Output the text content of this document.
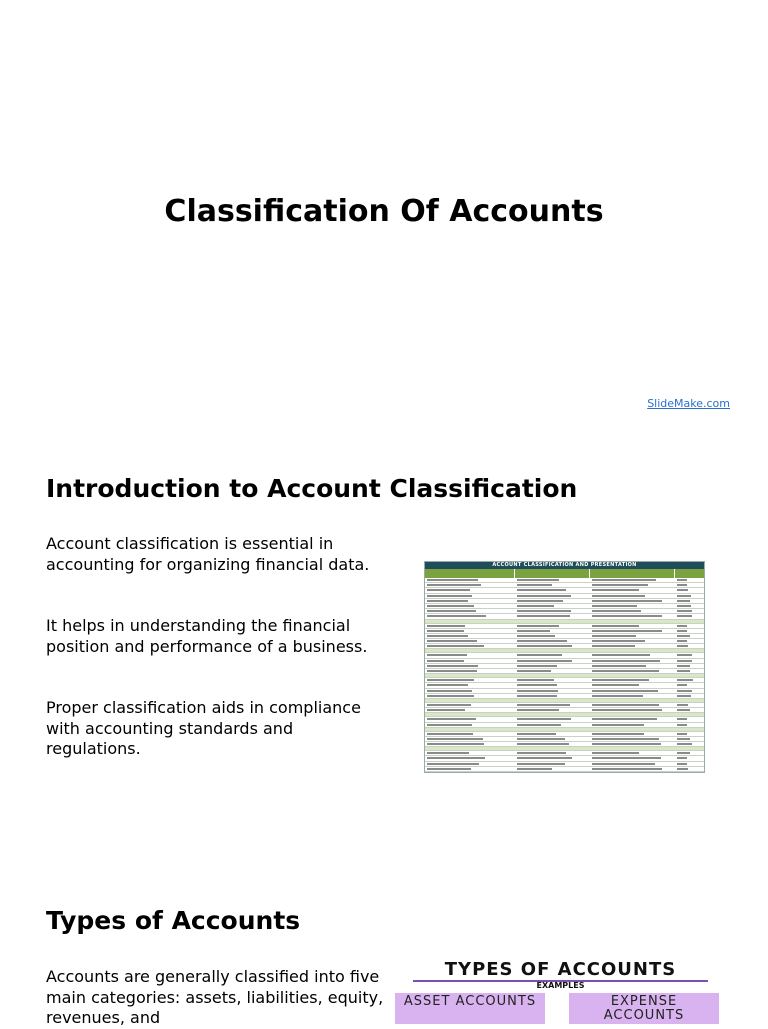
Classification Of Accounts
SlideMake.com
Introduction to Account Classification

Account classification is essential in accounting for organizing financial data.

It helps in understanding the financial position and performance of a business.

Proper classification aids in compliance with accounting standards and regulations.

ACCOUNT CLASSIFICATION AND PRESENTATION
Types of Accounts

Accounts are generally classified into five main categories: assets, liabilities, equity, revenues, and

TYPES OF ACCOUNTS
EXAMPLES
ASSET ACCOUNTS	EXPENSE ACCOUNTS
